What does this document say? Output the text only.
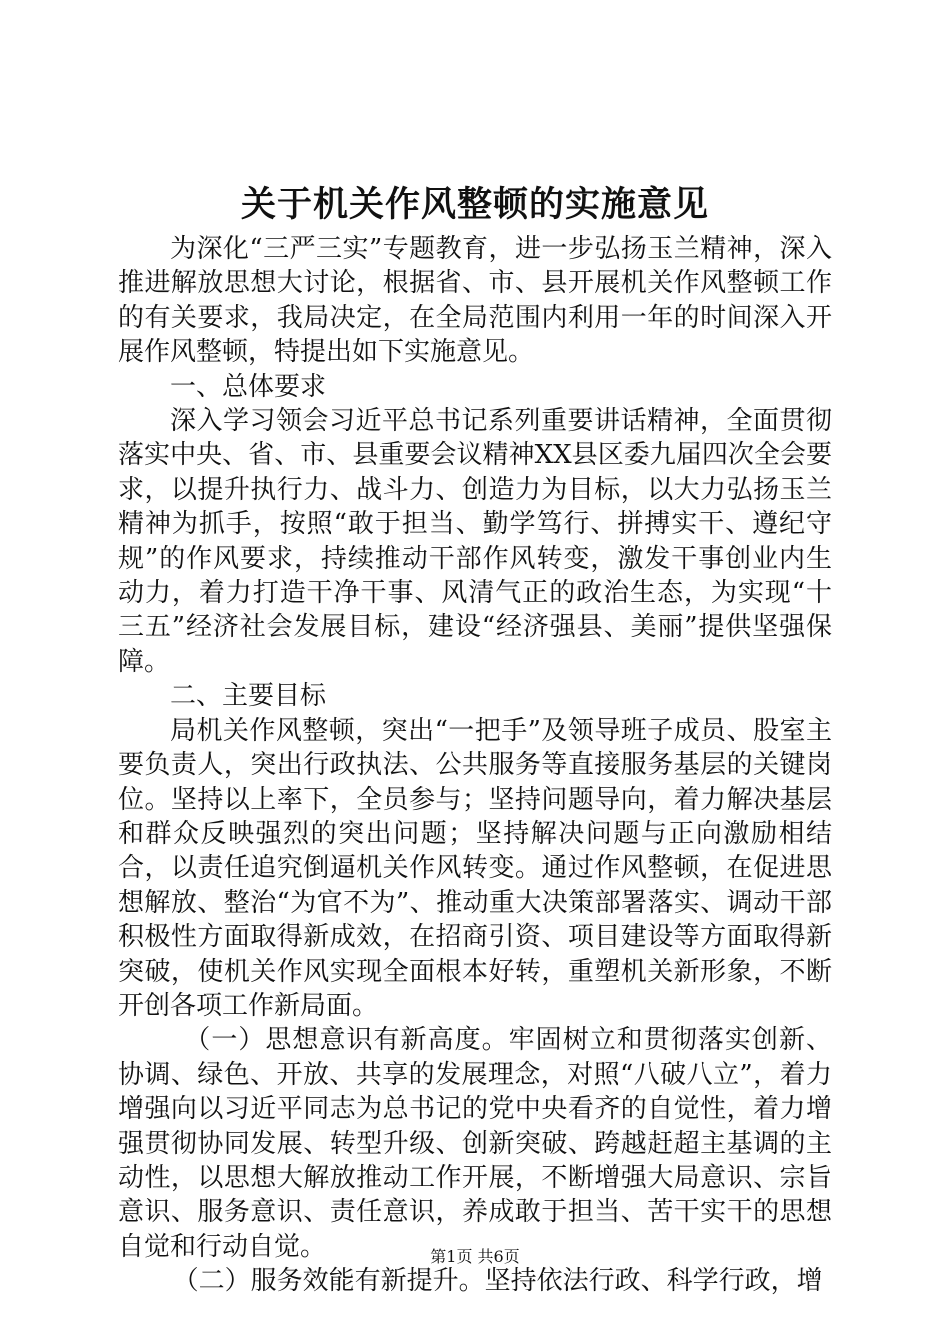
关于机关作风整顿的实施意见

为深化“三严三实”专题教育，进一步弘扬玉兰精神，深入推进解放思想大讨论，根据省、市、县开展机关作风整顿工作的有关要求，我局决定，在全局范围内利用一年的时间深入开展作风整顿，特提出如下实施意见。

一、总体要求

深入学习领会习近平总书记系列重要讲话精神，全面贯彻落实中央、省、市、县重要会议精神XX县区委九届四次全会要求，以提升执行力、战斗力、创造力为目标，以大力弘扬玉兰精神为抓手，按照“敢于担当、勤学笃行、拼搏实干、遵纪守规”的作风要求，持续推动干部作风转变，激发干事创业内生动力，着力打造干净干事、风清气正的政治生态，为实现“十三五”经济社会发展目标，建设“经济强县、美丽”提供坚强保障。

二、主要目标

局机关作风整顿，突出“一把手”及领导班子成员、股室主要负责人，突出行政执法、公共服务等直接服务基层的关键岗位。坚持以上率下，全员参与；坚持问题导向，着力解决基层和群众反映强烈的突出问题；坚持解决问题与正向激励相结合，以责任追究倒逼机关作风转变。通过作风整顿，在促进思想解放、整治“为官不为”、推动重大决策部署落实、调动干部积极性方面取得新成效，在招商引资、项目建设等方面取得新突破，使机关作风实现全面根本好转，重塑机关新形象，不断开创各项工作新局面。

（一）思想意识有新高度。牢固树立和贯彻落实创新、协调、绿色、开放、共享的发展理念，对照“八破八立”，着力增强向以习近平同志为总书记的党中央看齐的自觉性，着力增强贯彻协同发展、转型升级、创新突破、跨越赶超主基调的主动性，以思想大解放推动工作开展，不断增强大局意识、宗旨意识、服务意识、责任意识，养成敢于担当、苦干实干的思想自觉和行动自觉。

（二）服务效能有新提升。坚持依法行政、科学行政，增

第1页 共6页
